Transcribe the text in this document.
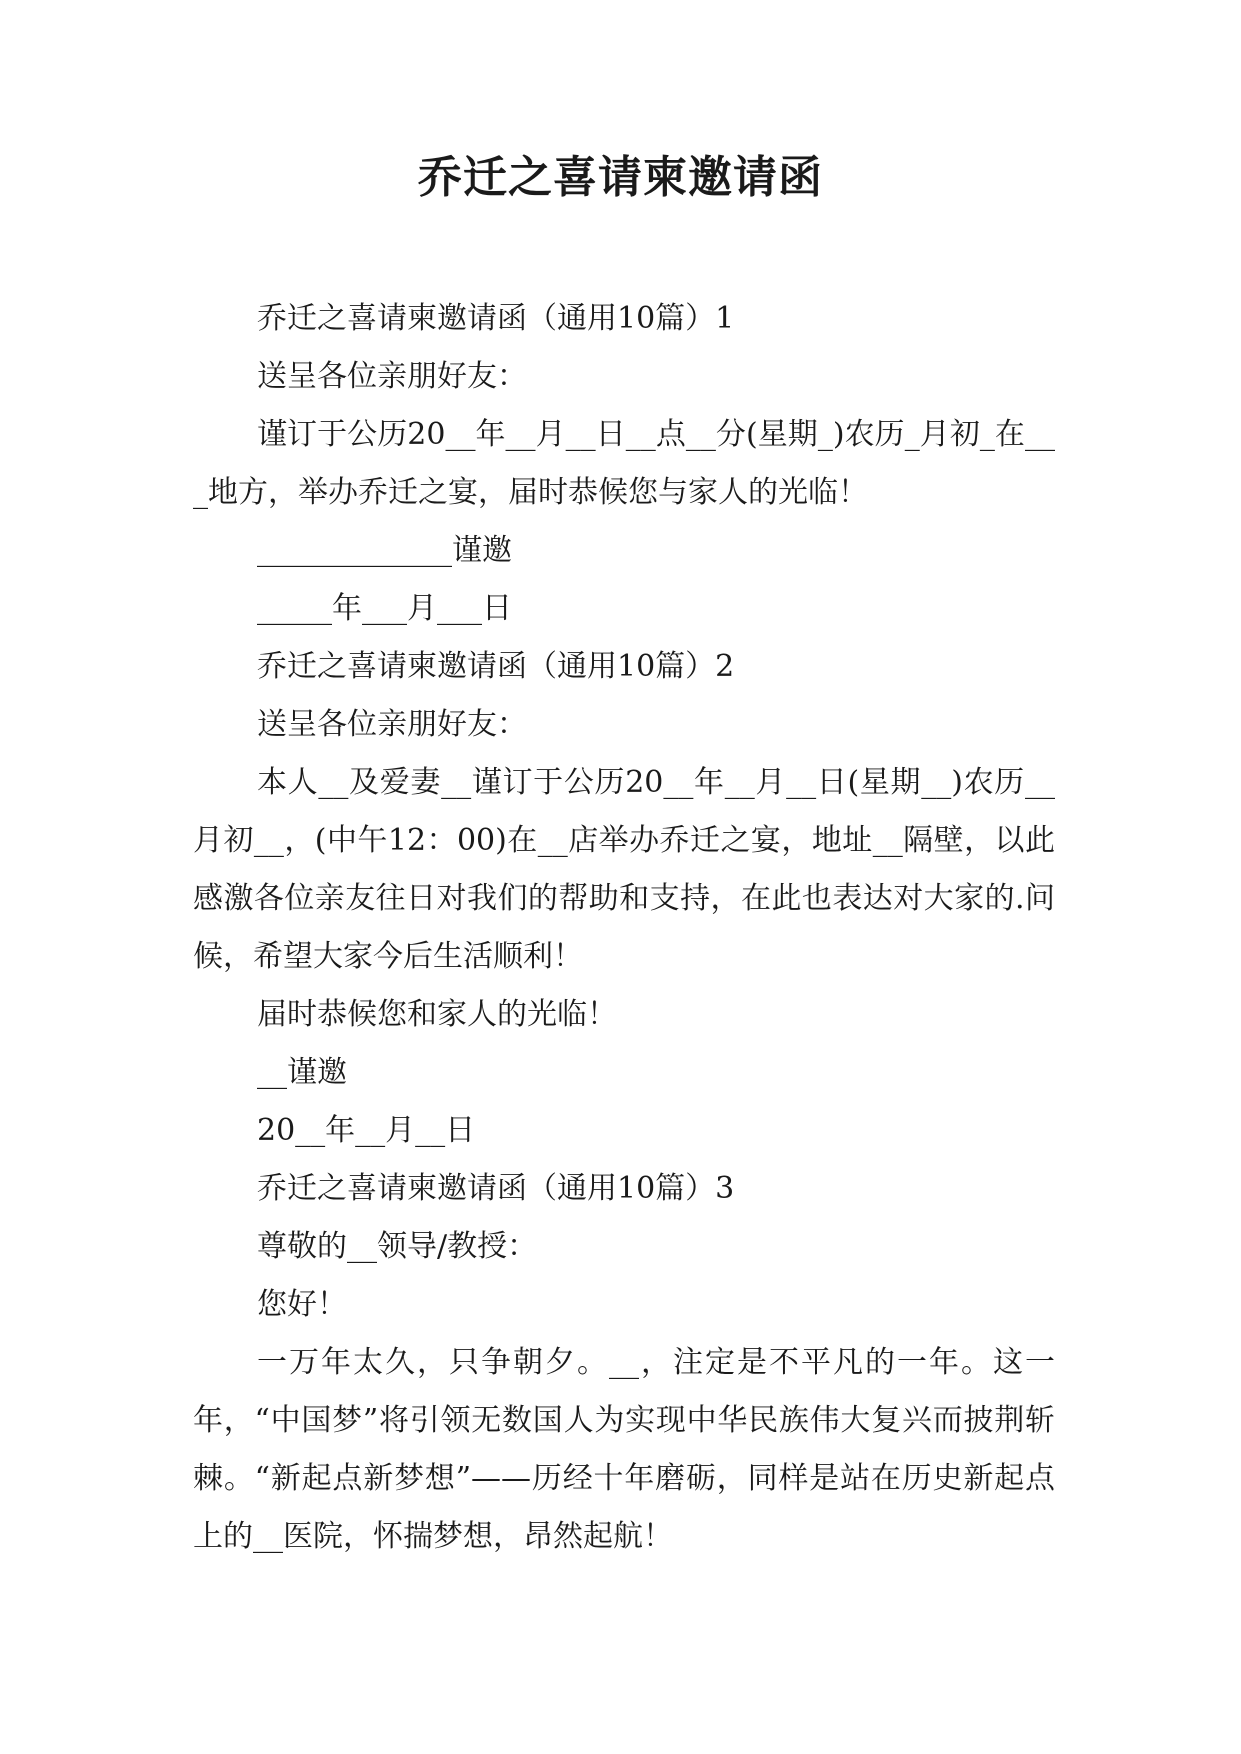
乔迁之喜请柬邀请函

乔迁之喜请柬邀请函（通用10篇）1

送呈各位亲朋好友：

谨订于公历20__年__月__日__点__分(星期_)农历_月初_在___地方，举办乔迁之宴，届时恭候您与家人的光临！

_____________谨邀

_____年___月___日

乔迁之喜请柬邀请函（通用10篇）2

送呈各位亲朋好友：

本人__及爱妻__谨订于公历20__年__月__日(星期__)农历__月初__，(中午12：00)在__店举办乔迁之宴，地址__隔壁，以此感激各位亲友往日对我们的帮助和支持，在此也表达对大家的.问候，希望大家今后生活顺利！

届时恭候您和家人的光临！

__谨邀

20__年__月__日

乔迁之喜请柬邀请函（通用10篇）3

尊敬的__领导/教授：

您好！

一万年太久，只争朝夕。__，注定是不平凡的一年。这一年，“中国梦”将引领无数国人为实现中华民族伟大复兴而披荆斩棘。“新起点新梦想”——历经十年磨砺，同样是站在历史新起点上的__医院，怀揣梦想，昂然起航！
